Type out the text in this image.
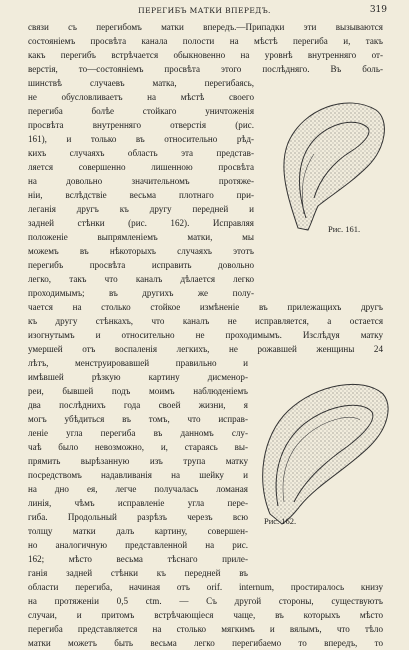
ПЕРЕГИБЪ МАТКИ ВПЕРЕДЪ.	319
связи съ перегибомъ матки впередъ.—Припадки эти вызываются
состояніемъ просвѣта канала полости на мѣстѣ перегиба и, такъ
какъ перегибъ встрѣчается обыкновенно на уровнѣ внутренняго от-
верстія, то—состояніемъ просвѣта этого послѣдняго. Въ боль-
шинствѣ случаевъ матка, перегибаясь,
не обусловливаетъ на мѣстѣ своего
перегиба болѣе стойкаго уничтоженія
просвѣта внутренняго отверстія (рис.
161), и только въ относительно рѣд-
кихъ случаяхъ область эта представ-
ляется совершенно лишенною просвѣта
на довольно значительномъ протяже-
ніи, вслѣдствіе весьма плотнаго при-
леганія другъ къ другу передней и
задней стѣнки (рис. 162). Исправляя
положеніе выпрямленіемъ матки, мы
можемъ въ нѣкоторыхъ случаяхъ этотъ
перегибъ просвѣта исправить довольно
легко, такъ что каналъ дѣлается легко
проходимымъ; въ другихъ же полу-
чается на столько стойкое измѣненіе въ прилежащихъ другъ
къ другу стѣнкахъ, что каналъ не исправляется, а остается
изогнутымъ и относительно не проходимымъ. Изслѣдуя матку
умершей отъ воспаленія легкихъ, не рожавшей женщины 24
лѣтъ, менструировавшей правильно и
имѣвшей рѣзкую картину дисменор-
реи, бывшей подъ моимъ наблюденіемъ
два послѣднихъ года своей жизни, я
могъ убѣдиться въ томъ, что исправ-
леніе угла перегиба въ данномъ слу-
чаѣ было невозможно, и, стараясь вы-
прямить вырѣзанную изъ трупа матку
посредствомъ надавливанія на шейку и
на дно ея, легче получалась ломаная
линія, чѣмъ исправленіе угла пере-
гиба. Продольный разрѣзъ черезъ всю
толщу матки далъ картину, совершен-
но аналогичную представленной на рис.
162; мѣсто весьма тѣснаго приле-
ганія задней стѣнки къ передней въ
области перегиба, начиная отъ orif. internum, простиралось книзу
на протяженіи 0,5 ctm. — Съ другой стороны, существуютъ
случаи, и притомъ встрѣчающіеся чаще, въ которыхъ мѣсто
перегиба представляется на столько мягкимъ и вялымъ, что тѣло
матки можетъ быть весьма легко перегибаемо то впередъ, то
Рис. 161.
Рис. 162.
